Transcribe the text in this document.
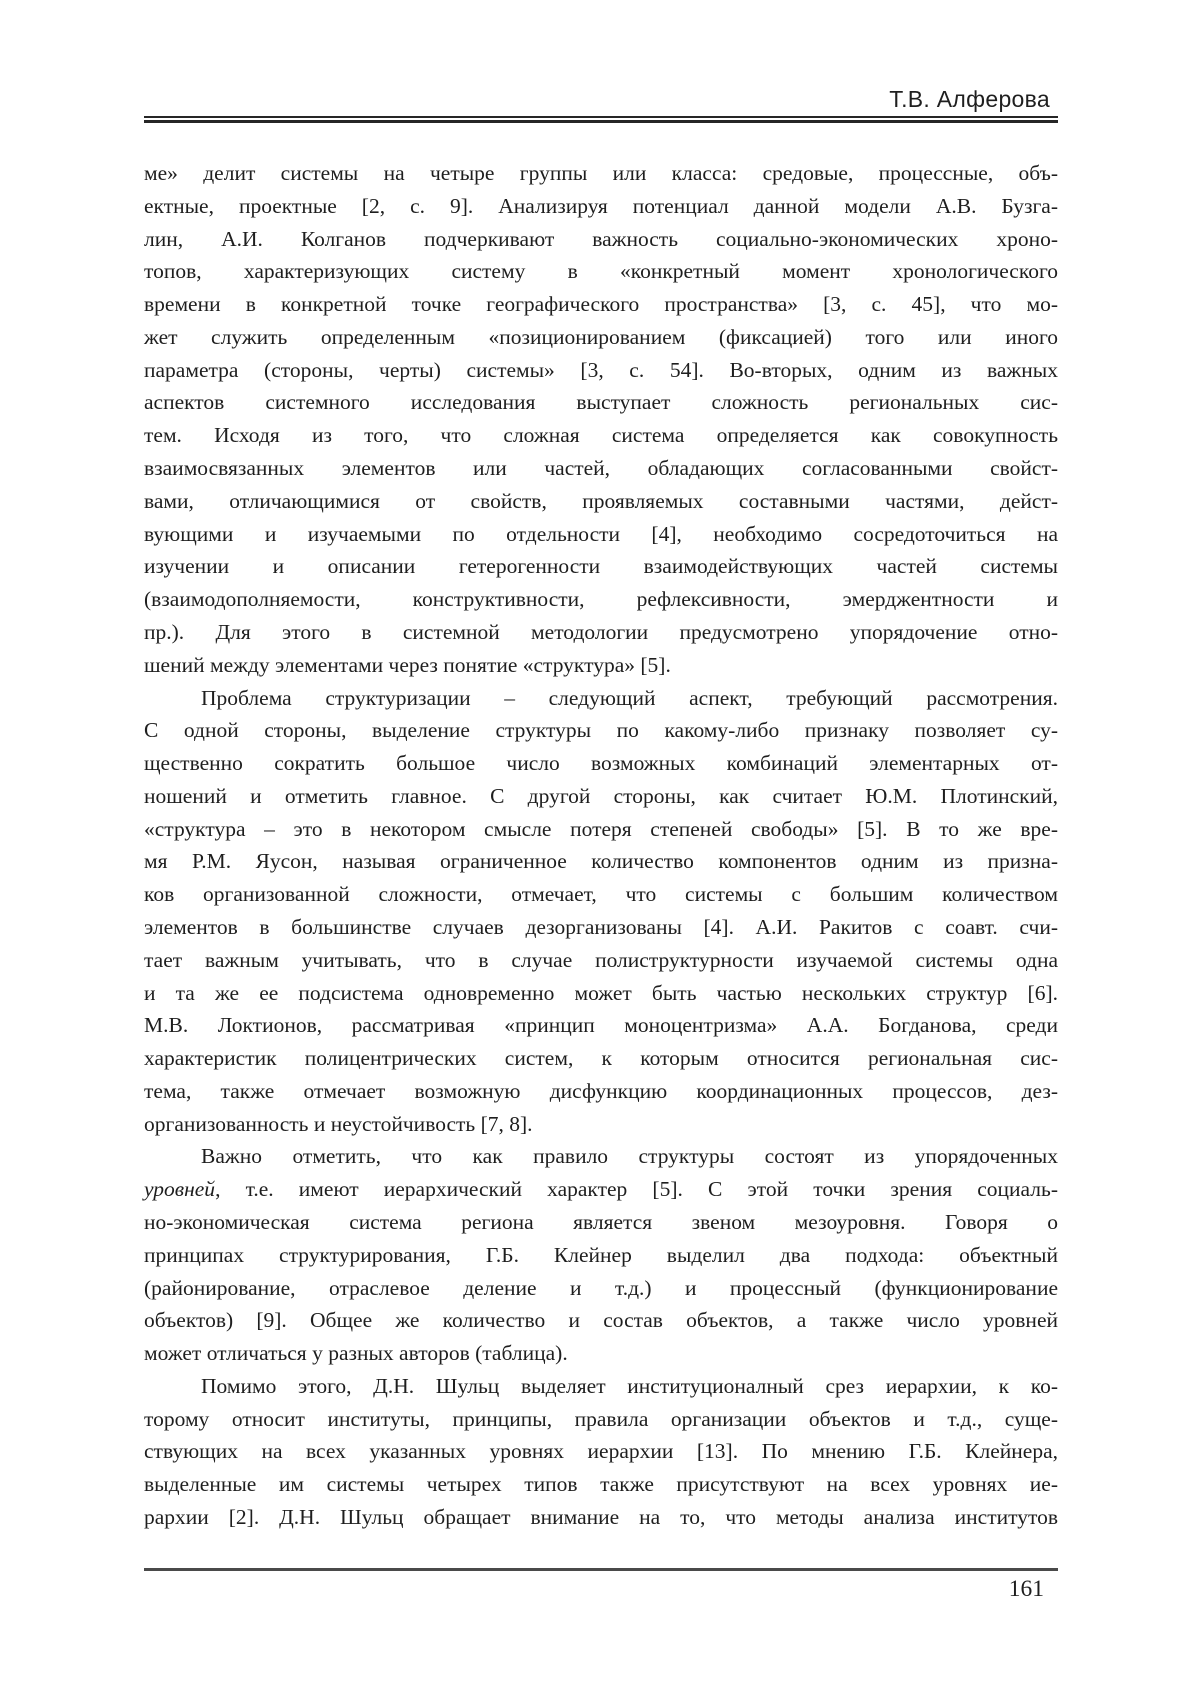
Т.В. Алферова
ме» делит системы на четыре группы или класса: средовые, процессные, объ-
ектные, проектные [2, с. 9]. Анализируя потенциал данной модели А.В. Бузга-
лин, А.И. Колганов подчеркивают важность социально-экономических хроно-
топов, характеризующих систему в «конкретный момент хронологического
времени в конкретной точке географического пространства» [3, с. 45], что мо-
жет служить определенным «позиционированием (фиксацией) того или иного
параметра (стороны, черты) системы» [3, с. 54]. Во-вторых, одним из важных
аспектов системного исследования выступает сложность региональных сис-
тем. Исходя из того, что сложная система определяется как совокупность
взаимосвязанных элементов или частей, обладающих согласованными свойст-
вами, отличающимися от свойств, проявляемых составными частями, дейст-
вующими и изучаемыми по отдельности [4], необходимо сосредоточиться на
изучении и описании гетерогенности взаимодействующих частей системы
(взаимодополняемости, конструктивности, рефлексивности, эмерджентности и
пр.). Для этого в системной методологии предусмотрено упорядочение отно-
шений между элементами через понятие «структура» [5].
Проблема структуризации – следующий аспект, требующий рассмотрения.
С одной стороны, выделение структуры по какому-либо признаку позволяет су-
щественно сократить большое число возможных комбинаций элементарных от-
ношений и отметить главное. С другой стороны, как считает Ю.М. Плотинский,
«структура – это в некотором смысле потеря степеней свободы» [5]. В то же вре-
мя Р.М. Яусон, называя ограниченное количество компонентов одним из призна-
ков организованной сложности, отмечает, что системы с большим количеством
элементов в большинстве случаев дезорганизованы [4]. А.И. Ракитов с соавт. счи-
тает важным учитывать, что в случае полиструктурности изучаемой системы одна
и та же ее подсистема одновременно может быть частью нескольких структур [6].
М.В. Локтионов, рассматривая «принцип моноцентризма» А.А. Богданова, среди
характеристик полицентрических систем, к которым относится региональная сис-
тема, также отмечает возможную дисфункцию координационных процессов, дез-
организованность и неустойчивость [7, 8].
Важно отметить, что как правило структуры состоят из упорядоченных
уровней, т.е. имеют иерархический характер [5]. С этой точки зрения социаль-
но-экономическая система региона является звеном мезоуровня. Говоря о
принципах структурирования, Г.Б. Клейнер выделил два подхода: объектный
(районирование, отраслевое деление и т.д.) и процессный (функционирование
объектов) [9]. Общее же количество и состав объектов, а также число уровней
может отличаться у разных авторов (таблица).
Помимо этого, Д.Н. Шульц выделяет институционалный срез иерархии, к ко-
торому относит институты, принципы, правила организации объектов и т.д., суще-
ствующих на всех указанных уровнях иерархии [13]. По мнению Г.Б. Клейнера,
выделенные им системы четырех типов также присутствуют на всех уровнях ие-
рархии [2]. Д.Н. Шульц обращает внимание на то, что методы анализа институтов
161
